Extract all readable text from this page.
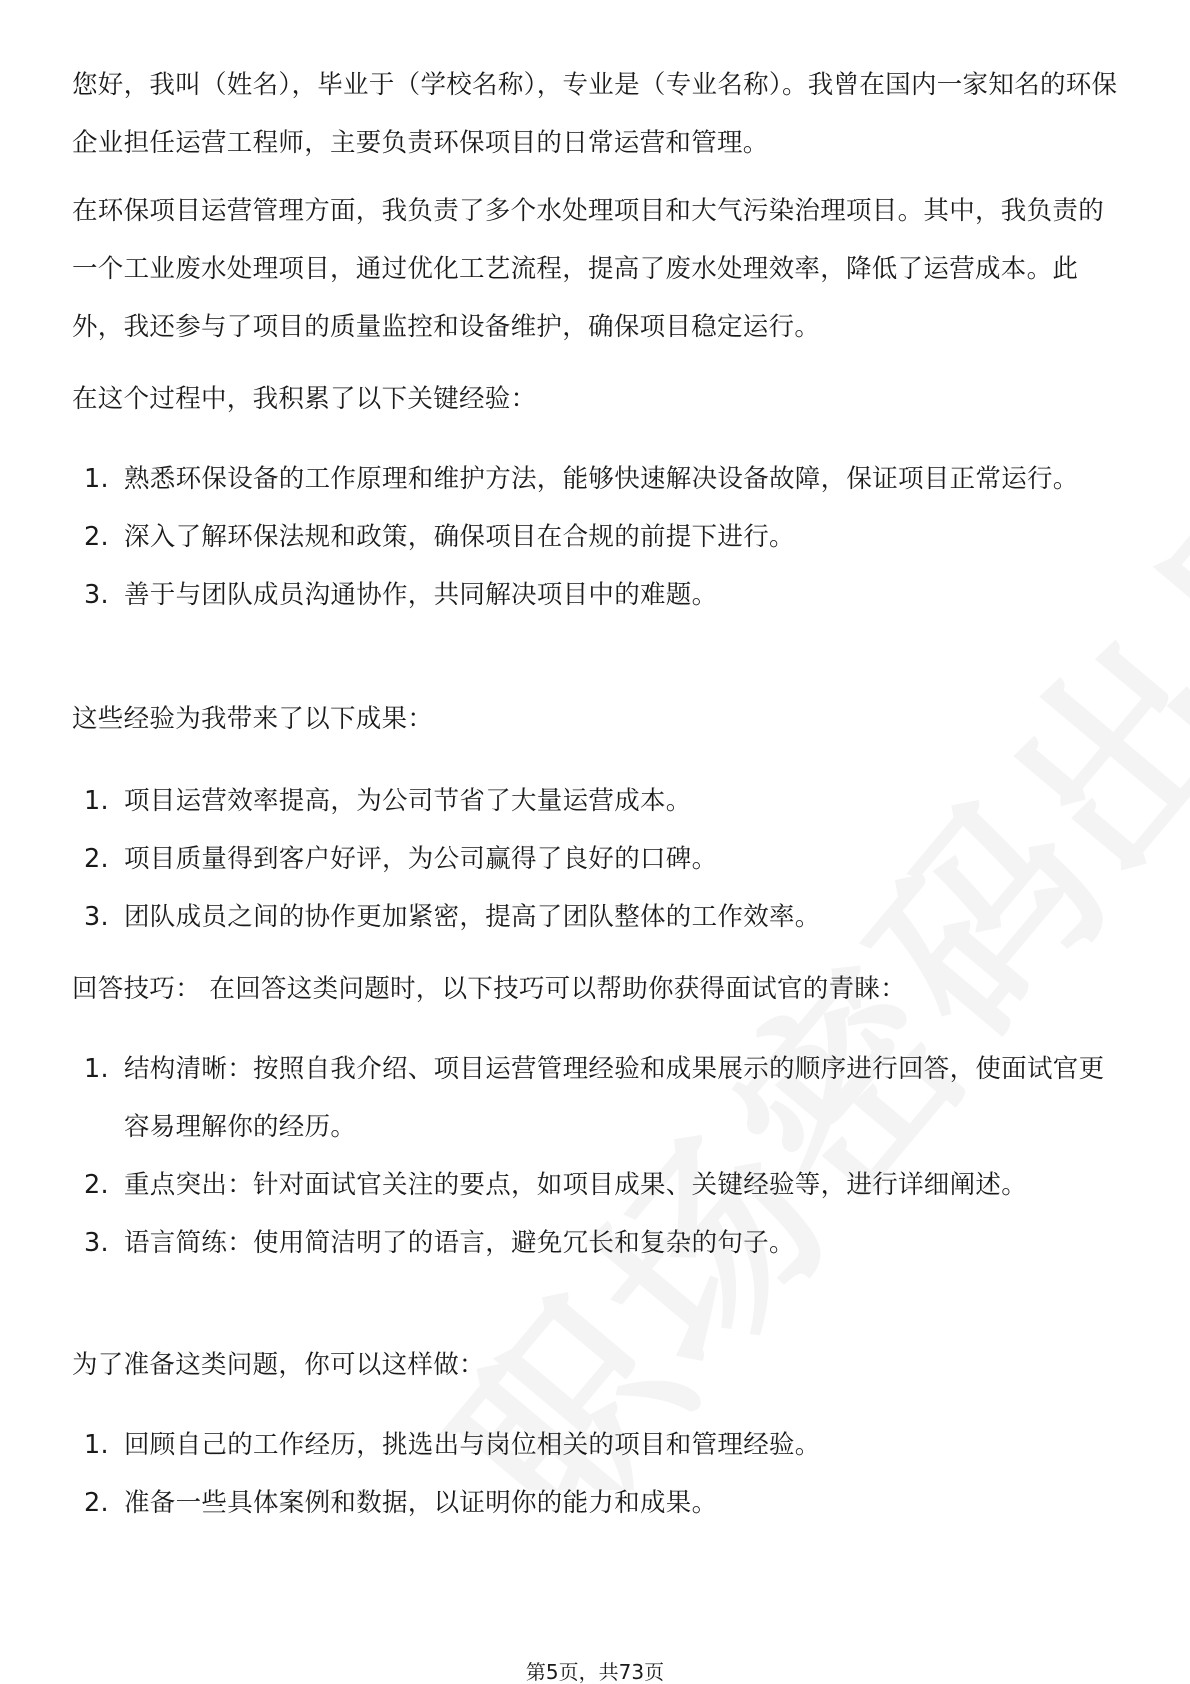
您好，我叫（姓名），毕业于（学校名称），专业是（专业名称）。我曾在国内一家知名的环保企业担任运营工程师，主要负责环保项目的日常运营和管理。

在环保项目运营管理方面，我负责了多个水处理项目和大气污染治理项目。其中，我负责的一个工业废水处理项目，通过优化工艺流程，提高了废水处理效率，降低了运营成本。此外，我还参与了项目的质量监控和设备维护，确保项目稳定运行。

在这个过程中，我积累了以下关键经验：

1. 熟悉环保设备的工作原理和维护方法，能够快速解决设备故障，保证项目正常运行。
2. 深入了解环保法规和政策，确保项目在合规的前提下进行。
3. 善于与团队成员沟通协作，共同解决项目中的难题。

这些经验为我带来了以下成果：

1. 项目运营效率提高，为公司节省了大量运营成本。
2. 项目质量得到客户好评，为公司赢得了良好的口碑。
3. 团队成员之间的协作更加紧密，提高了团队整体的工作效率。

回答技巧： 在回答这类问题时，以下技巧可以帮助你获得面试官的青睐：

1. 结构清晰：按照自我介绍、项目运营管理经验和成果展示的顺序进行回答，使面试官更容易理解你的经历。
2. 重点突出：针对面试官关注的要点，如项目成果、关键经验等，进行详细阐述。
3. 语言简练：使用简洁明了的语言，避免冗长和复杂的句子。

为了准备这类问题，你可以这样做：

1. 回顾自己的工作经历，挑选出与岗位相关的项目和管理经验。
2. 准备一些具体案例和数据，以证明你的能力和成果。
第5页，共73页
